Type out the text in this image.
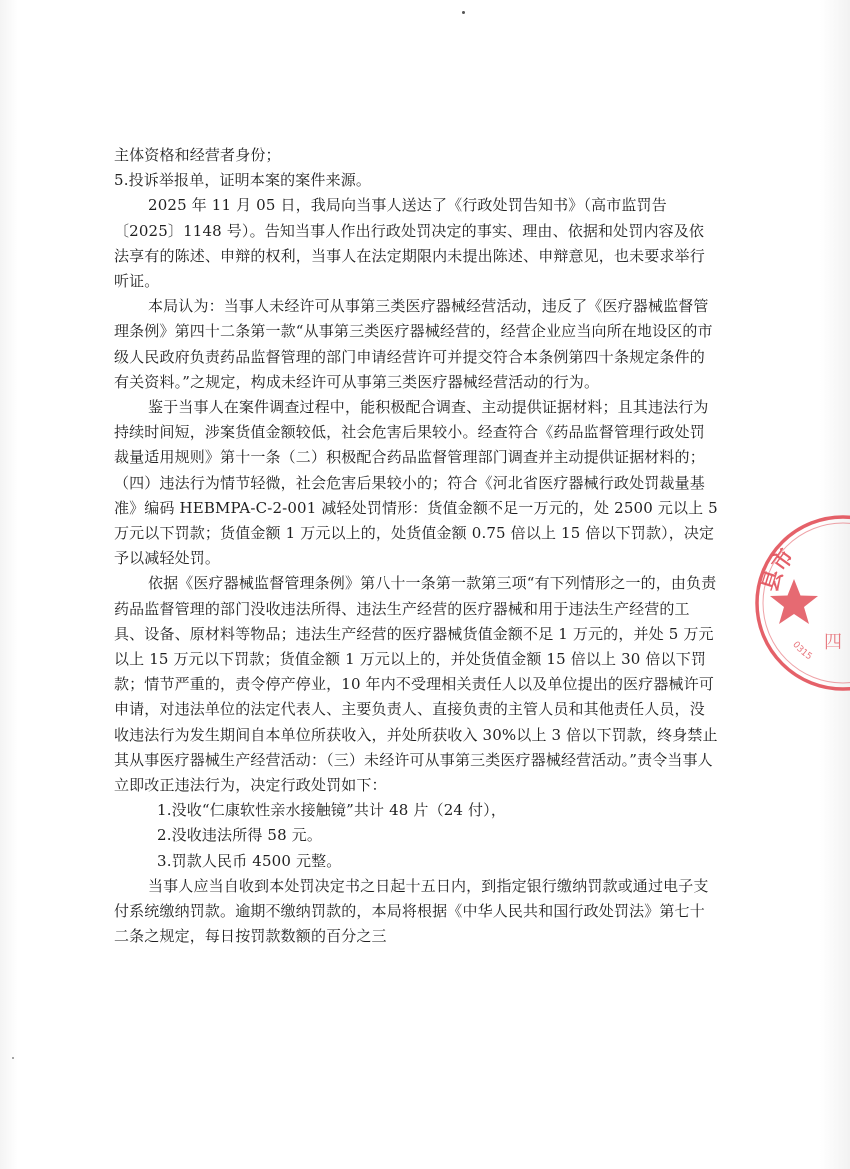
主体资格和经营者身份；

5.投诉举报单，证明本案的案件来源。

2025 年 11 月 05 日，我局向当事人送达了《行政处罚告知书》（高市监罚告〔2025〕1148 号）。告知当事人作出行政处罚决定的事实、理由、依据和处罚内容及依法享有的陈述、申辩的权利，当事人在法定期限内未提出陈述、申辩意见，也未要求举行听证。

本局认为：当事人未经许可从事第三类医疗器械经营活动，违反了《医疗器械监督管理条例》第四十二条第一款“从事第三类医疗器械经营的，经营企业应当向所在地设区的市级人民政府负责药品监督管理的部门申请经营许可并提交符合本条例第四十条规定条件的有关资料。”之规定，构成未经许可从事第三类医疗器械经营活动的行为。

鉴于当事人在案件调查过程中，能积极配合调查、主动提供证据材料；且其违法行为持续时间短，涉案货值金额较低，社会危害后果较小。经查符合《药品监督管理行政处罚裁量适用规则》第十一条（二）积极配合药品监督管理部门调查并主动提供证据材料的；（四）违法行为情节轻微，社会危害后果较小的；符合《河北省医疗器械行政处罚裁量基准》编码 HEBMPA-C-2-001 减轻处罚情形：货值金额不足一万元的，处 2500 元以上 5 万元以下罚款；货值金额 1 万元以上的，处货值金额 0.75 倍以上 15 倍以下罚款），决定予以减轻处罚。

依据《医疗器械监督管理条例》第八十一条第一款第三项“有下列情形之一的，由负责药品监督管理的部门没收违法所得、违法生产经营的医疗器械和用于违法生产经营的工具、设备、原材料等物品；违法生产经营的医疗器械货值金额不足 1 万元的，并处 5 万元以上 15 万元以下罚款；货值金额 1 万元以上的，并处货值金额 15 倍以上 30 倍以下罚款；情节严重的，责令停产停业，10 年内不受理相关责任人以及单位提出的医疗器械许可申请，对违法单位的法定代表人、主要负责人、直接负责的主管人员和其他责任人员，没收违法行为发生期间自本单位所获收入，并处所获收入 30%以上 3 倍以下罚款，终身禁止其从事医疗器械生产经营活动：（三）未经许可从事第三类医疗器械经营活动。”责令当事人立即改正违法行为，决定行政处罚如下：

1.没收“仁康软性亲水接触镜”共计 48 片（24 付），

2.没收违法所得 58 元。

3.罚款人民币 4500 元整。

当事人应当自收到本处罚决定书之日起十五日内，到指定银行缴纳罚款或通过电子支付系统缴纳罚款。逾期不缴纳罚款的，本局将根据《中华人民共和国行政处罚法》第七十二条之规定，每日按罚款数额的百分之三

县市
0315
四
